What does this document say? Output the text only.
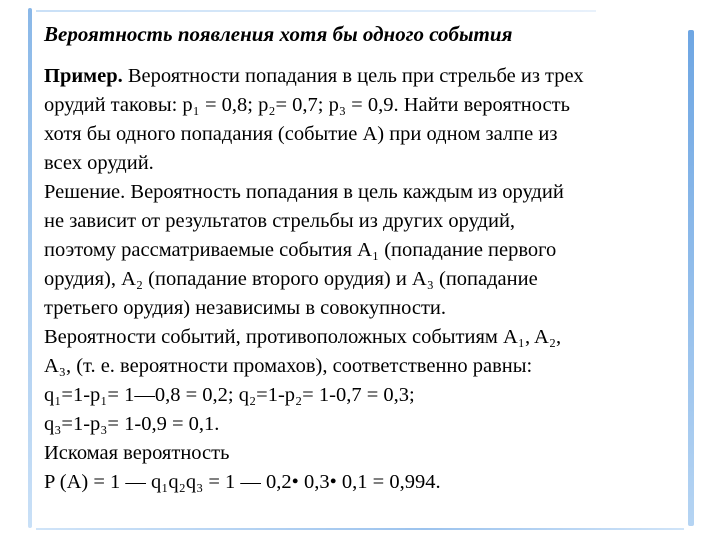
Вероятность появления хотя бы одного события
Пример. Вероятности попадания в цель при стрельбе из трех
орудий таковы: p₁ = 0,8; p₂= 0,7; p₃ = 0,9. Найти вероятность
хотя бы одного попадания (событие A) при одном залпе из
всех орудий.
Решение. Вероятность попадания в цель каждым из орудий
не зависит от результатов стрельбы из других орудий,
поэтому рассматриваемые события A₁ (попадание первого
орудия), A₂ (попадание второго орудия) и A₃ (попадание
третьего орудия) независимы в совокупности.
Вероятности событий, противоположных событиям A₁, A₂,
A₃, (т. е. вероятности промахов), соответственно равны:
q₁=1-p₁= 1—0,8 = 0,2; q₂=1-p₂= 1-0,7 = 0,3;
q₃=1-p₃= 1-0,9 = 0,1.
Искомая вероятность
P (A) = 1 — q₁q₂q₃ = 1 — 0,2• 0,3• 0,1 = 0,994.
